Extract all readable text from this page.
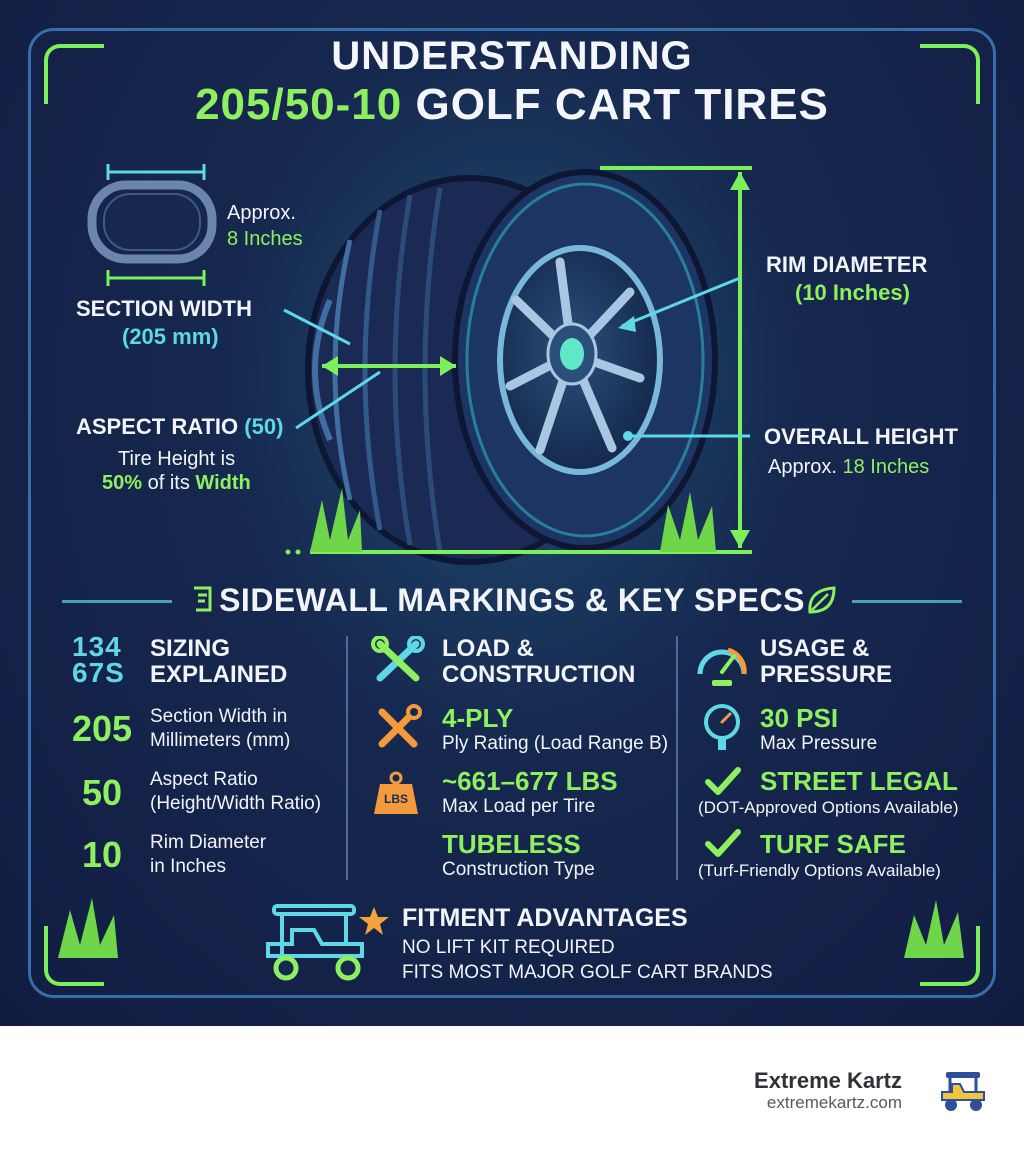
UNDERSTANDING
205/50-10 GOLF CART TIRES
Approx.
8 Inches
SECTION WIDTH
(205 mm)
ASPECT RATIO (50)
Tire Height is
50% of its Width
RIM DIAMETER
(10 Inches)
OVERALL HEIGHT
Approx. 18 Inches
SIDEWALL MARKINGS & KEY SPECS
134
67S
SIZING
EXPLAINED
205 Section Width in
Millimeters (mm)
50	Aspect Ratio
(Height/Width Ratio)
10	Rim Diameter
in Inches
LOAD &
CONSTRUCTION
4-PLY
Ply Rating (Load Range B)
LBS
~661–677 LBS
Max Load per Tire
TUBELESS
Construction Type
USAGE &
PRESSURE
30 PSI
Max Pressure
STREET LEGAL
(DOT-Approved Options Available)
TURF SAFE
(Turf-Friendly Options Available)
FITMENT ADVANTAGES
NO LIFT KIT REQUIRED
FITS MOST MAJOR GOLF CART BRANDS
Extreme Kartz
extremekartz.com
